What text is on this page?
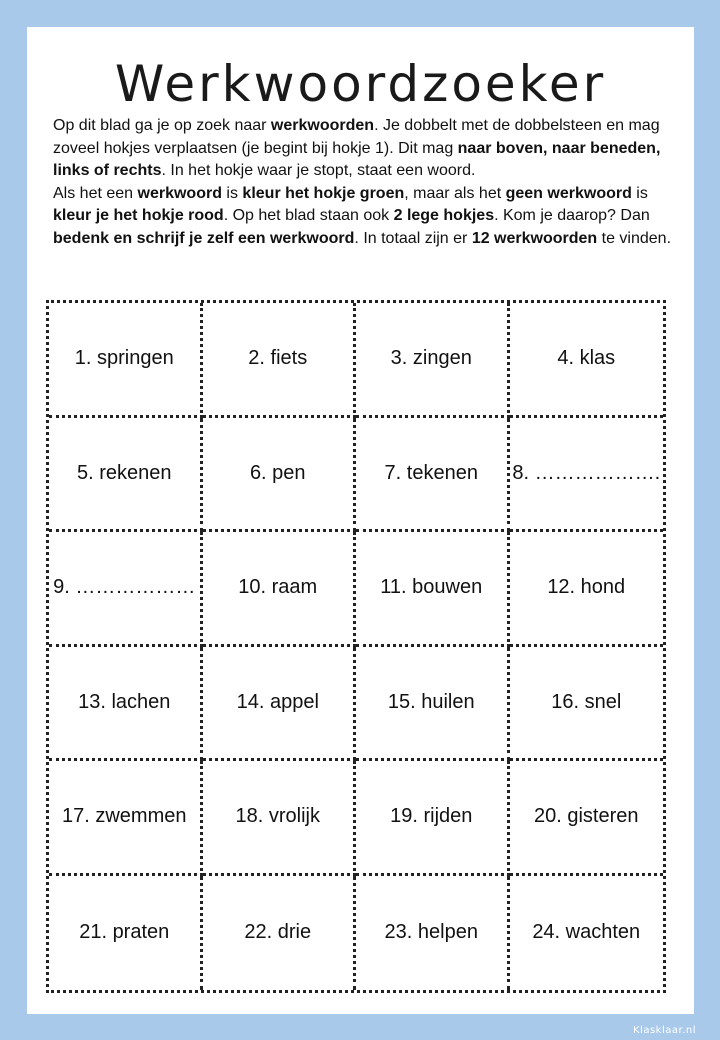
Werkwoordzoeker
Op dit blad ga je op zoek naar werkwoorden. Je dobbelt met de dobbelsteen en mag zoveel hokjes verplaatsen (je begint bij hokje 1). Dit mag naar boven, naar beneden, links of rechts. In het hokje waar je stopt, staat een woord.
Als het een werkwoord is kleur het hokje groen, maar als het geen werkwoord is kleur je het hokje rood. Op het blad staan ook 2 lege hokjes. Kom je daarop? Dan bedenk en schrijf je zelf een werkwoord. In totaal zijn er 12 werkwoorden te vinden.
1. springen	2. fiets	3. zingen	4. klas
5. rekenen	6. pen	7. tekenen	8. ……………….
9. ………………	10. raam	11. bouwen	12. hond
13. lachen	14. appel	15. huilen	16. snel
17. zwemmen	18. vrolijk	19. rijden	20. gisteren
21. praten	22. drie	23. helpen	24. wachten
Klasklaar.nl
